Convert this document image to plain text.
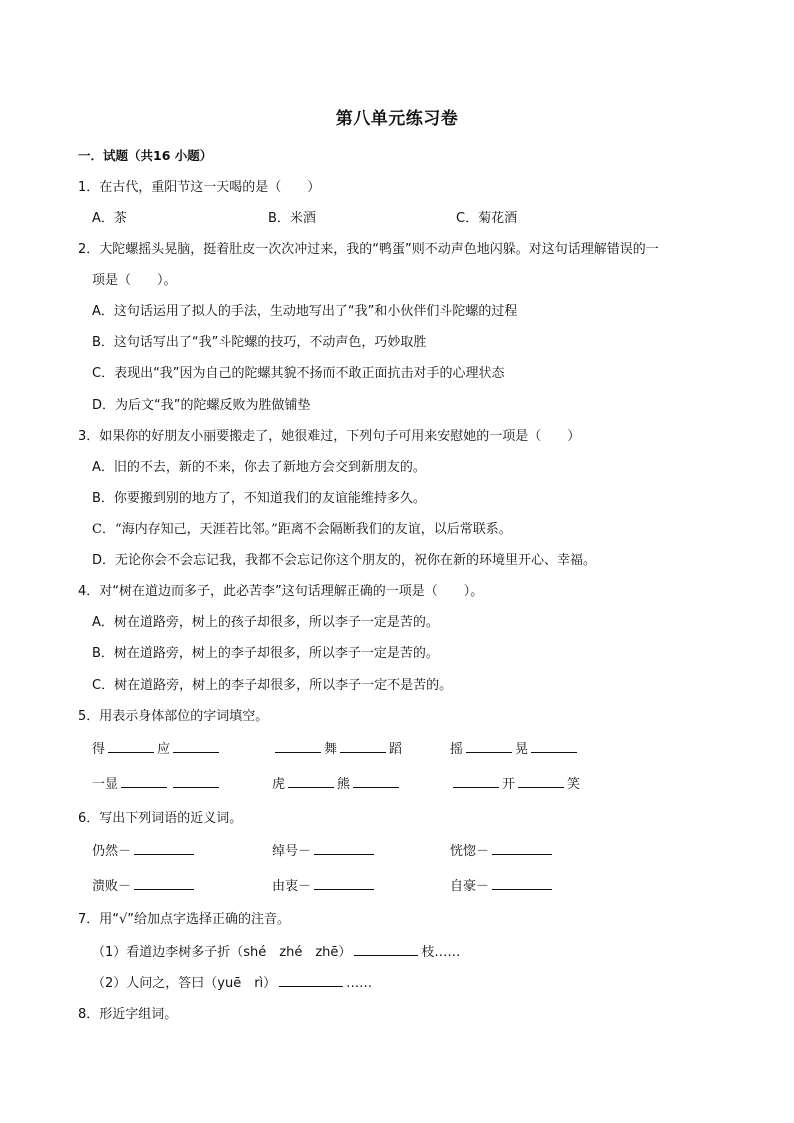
第八单元练习卷
一．试题（共16 小题）
1．在古代，重阳节这一天喝的是（　　）
A．茶	B．米酒	C．菊花酒
2．大陀螺摇头晃脑，挺着肚皮一次次冲过来，我的“鸭蛋”则不动声色地闪躲。对这句话理解错误的一
项是（　　）。
A．这句话运用了拟人的手法，生动地写出了“我”和小伙伴们斗陀螺的过程
B．这句话写出了“我”斗陀螺的技巧，不动声色，巧妙取胜
C．表现出“我”因为自己的陀螺其貌不扬而不敢正面抗击对手的心理状态
D．为后文“我”的陀螺反败为胜做铺垫
3．如果你的好朋友小丽要搬走了，她很难过，下列句子可用来安慰她的一项是（　　）
A．旧的不去，新的不来，你去了新地方会交到新朋友的。
B．你要搬到别的地方了，不知道我们的友谊能维持多久。
C．“海内存知己，天涯若比邻。”距离不会隔断我们的友谊，以后常联系。
D．无论你会不会忘记我，我都不会忘记你这个朋友的，祝你在新的环境里开心、幸福。
4．对“树在道边而多子，此必苦李”这句话理解正确的一项是（　　）。
A．树在道路旁，树上的孩子却很多，所以李子一定是苦的。
B．树在道路旁，树上的李子却很多，所以李子一定是苦的。
C．树在道路旁，树上的李子却很多，所以李子一定不是苦的。
5．用表示身体部位的字词填空。
得	应	舞	蹈	摇	晃
一显	虎	熊	开	笑
6．写出下列词语的近义词。
仍然－	绰号－	恍惚－
溃败－	由衷－	自豪－
7．用“√”给加点字选择正确的注音。
（1）看道边李树多子折（shé　zhé　zhē）	枝……
（2）人问之，答曰（yuē　rì）	……
8．形近字组词。
